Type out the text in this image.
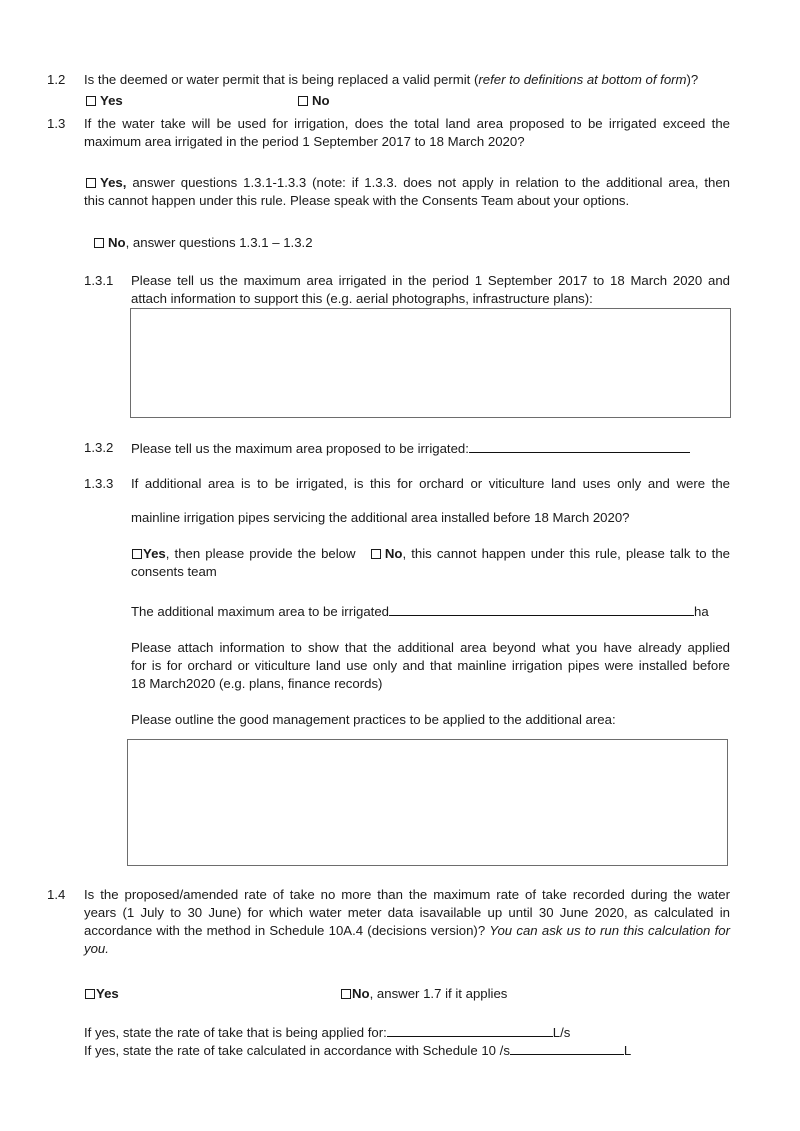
1.2 Is the deemed or water permit that is being replaced a valid permit (refer to definitions at bottom of form)?
Yes	No
1.3 If the water take will be used for irrigation, does the total land area proposed to be irrigated exceed the
maximum area irrigated in the period 1 September 2017 to 18 March 2020?
Yes, answer questions 1.3.1-1.3.3 (note: if 1.3.3. does not apply in relation to the additional area, then
this cannot happen under this rule. Please speak with the Consents Team about your options.
No, answer questions 1.3.1 – 1.3.2
1.3.1 Please tell us the maximum area irrigated in the period 1 September 2017 to 18 March 2020 and
attach information to support this (e.g. aerial photographs, infrastructure plans):
1.3.2 Please tell us the maximum area proposed to be irrigated:
1.3.3 If additional area is to be irrigated, is this for orchard or viticulture land uses only and were the
mainline irrigation pipes servicing the additional area installed before 18 March 2020?
Yes, then please provide the below No, this cannot happen under this rule, please talk to the
consents team
The additional maximum area to be irrigated	ha
Please attach information to show that the additional area beyond what you have already applied
for is for orchard or viticulture land use only and that mainline irrigation pipes were installed before
18 March2020 (e.g. plans, finance records)
Please outline the good management practices to be applied to the additional area:
1.4 Is the proposed/amended rate of take no more than the maximum rate of take recorded during the water
years (1 July to 30 June) for which water meter data isavailable up until 30 June 2020, as calculated in
accordance with the method in Schedule 10A.4 (decisions version)? You can ask us to run this calculation for
you.
Yes	No, answer 1.7 if it applies
If yes, state the rate of take that is being applied for:	L/s
If yes, state the rate of take calculated in accordance with Schedule 10 /s	L
